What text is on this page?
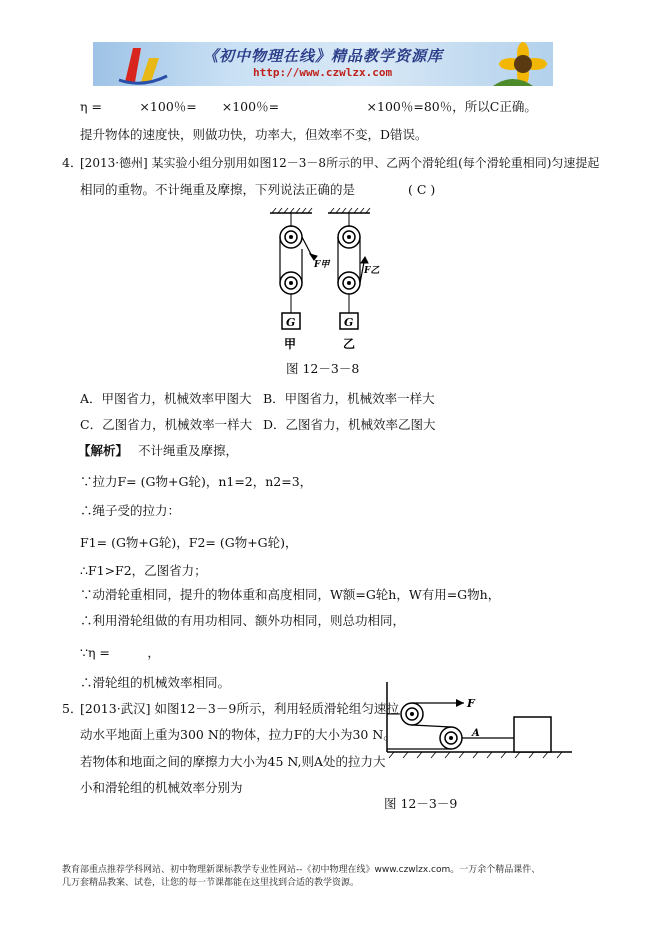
《初中物理在线》精品教学资源库
http://www.czwlzx.com
η =　　　×100％=　　×100％=　　　　　　　×100％=80％，所以C正确。
提升物体的速度快，则做功快，功率大，但效率不变，D错误。
4．
[2013·德州] 某实验小组分别用如图12－3－8所示的甲、乙两个滑轮组(每个滑轮重相同)匀速提起
相同的重物。不计绳重及摩擦，下列说法正确的是	( C )
F甲
F乙
G	G
甲	乙
图 12－3－8
A．甲图省力，机械效率甲图大 B．甲图省力，机械效率一样大
C．乙图省力，机械效率一样大 D．乙图省力，机械效率乙图大
【解析】 不计绳重及摩擦，
∵拉力F= (G物+G轮)，n1=2，n2=3，
∴绳子受的拉力：
F1= (G物+G轮)，F2= (G物+G轮)，
∴F1>F2，乙图省力；
∵动滑轮重相同，提升的物体重和高度相同，W额=G轮h，W有用=G物h，
∴利用滑轮组做的有用功相同、额外功相同，则总功相同，
∵η =　　　，
∴滑轮组的机械效率相同。
5．
[2013·武汉] 如图12－3－9所示，利用轻质滑轮组匀速拉
动水平地面上重为300 N的物体，拉力F的大小为30 N。
若物体和地面之间的摩擦力大小为45 N,则A处的拉力大
小和滑轮组的机械效率分别为
F
A
图 12－3－9
教育部重点推荐学科网站、初中物理新课标教学专业性网站--《初中物理在线》www.czwlzx.com。一万余个精品课件、
几万套精品教案、试卷，让您的每一节课都能在这里找到合适的教学资源。
